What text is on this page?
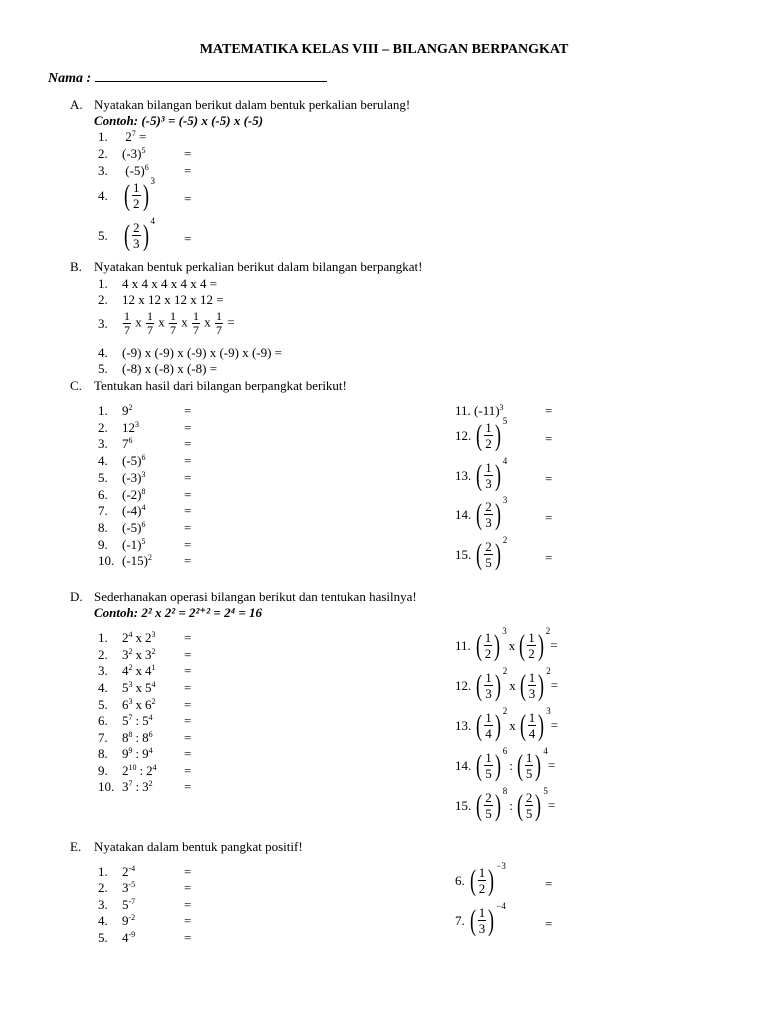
MATEMATIKA KELAS VIII – BILANGAN BERPANGKAT
Nama :
A. Nyatakan bilangan berikut dalam bentuk perkalian berulang!
Contoh: (-5)³ = (-5) x (-5) x (-5)
1. $2^7$ =
2. $(-3)^5$	=
3. $(-5)^6$	=
4. ( $\frac{1}{2}$ ) 3
=
5. ( $\frac{2}{3}$ ) 4
=
B. Nyatakan bentuk perkalian berikut dalam bilangan berpangkat!
1. 4 x 4 x 4 x 4 x 4 =
2. 12 x 12 x 12 x 12 =
3. $\frac{1}{7}$ x $\frac{1}{7}$ x $\frac{1}{7}$ x $\frac{1}{7}$ x $\frac{1}{7}$ =
4. (-9) x (-9) x (-9) x (-9) x (-9) =
5. (-8) x (-8) x (-8) =
C. Tentukan hasil dari bilangan berpangkat berikut!
1. $9^2$	=
2. $12^3$	=
3. $7^6$	=
4. $(-5)^6$	=
5. $(-3)^3$	=
6. $(-2)^8$	=
7. $(-4)^4$	=
8. $(-5)^6$	=
9. $(-1)^5$	=
10. $(-15)^2$ =
11. $(-11)^3$	=
12. ( $\frac{1}{2}$ ) 5
=
13. ( $\frac{1}{3}$ ) 4
=
14. ( $\frac{2}{3}$ ) 3
=
15. ( $\frac{2}{5}$ ) 2
=
D. Sederhanakan operasi bilangan berikut dan tentukan hasilnya!
Contoh: 2² x 2² = 2²⁺² = 2⁴ = 16
1. $2^4$ x $2^3$ =
2. $3^2$ x $3^2$ =
3. $4^2$ x $4^1$ =
4. $5^3$ x $5^4$ =
5. $6^3$ x $6^2$ =
6. $5^7$ : $5^4$ =
7. $8^8$ : $8^6$ =
8. $9^9$ : $9^4$ =
9. $2^{10}$ : $2^4$ =
10. $3^7$ : $3^2$ =
11. ( $\frac{1}{2}$ ) 3
x ( $\frac{1}{2}$ ) 2
=
12. ( $\frac{1}{3}$ ) 2
x ( $\frac{1}{3}$ ) 2
=
13. ( $\frac{1}{4}$ ) 2
x ( $\frac{1}{4}$ ) 3
=
14. ( $\frac{1}{5}$ ) 6
: ( $\frac{1}{5}$ ) 4
=
15. ( $\frac{2}{5}$ ) 8
: ( $\frac{2}{5}$ ) 5
=
E. Nyatakan dalam bentuk pangkat positif!
1. $2^{-4}$	=
2. $3^{-5}$	=
3. $5^{-7}$	=
4. $9^{-2}$	=
5. $4^{-9}$	=
6. ( $\frac{1}{2}$ ) −3
=
7. ( $\frac{1}{3}$ ) −4
=
